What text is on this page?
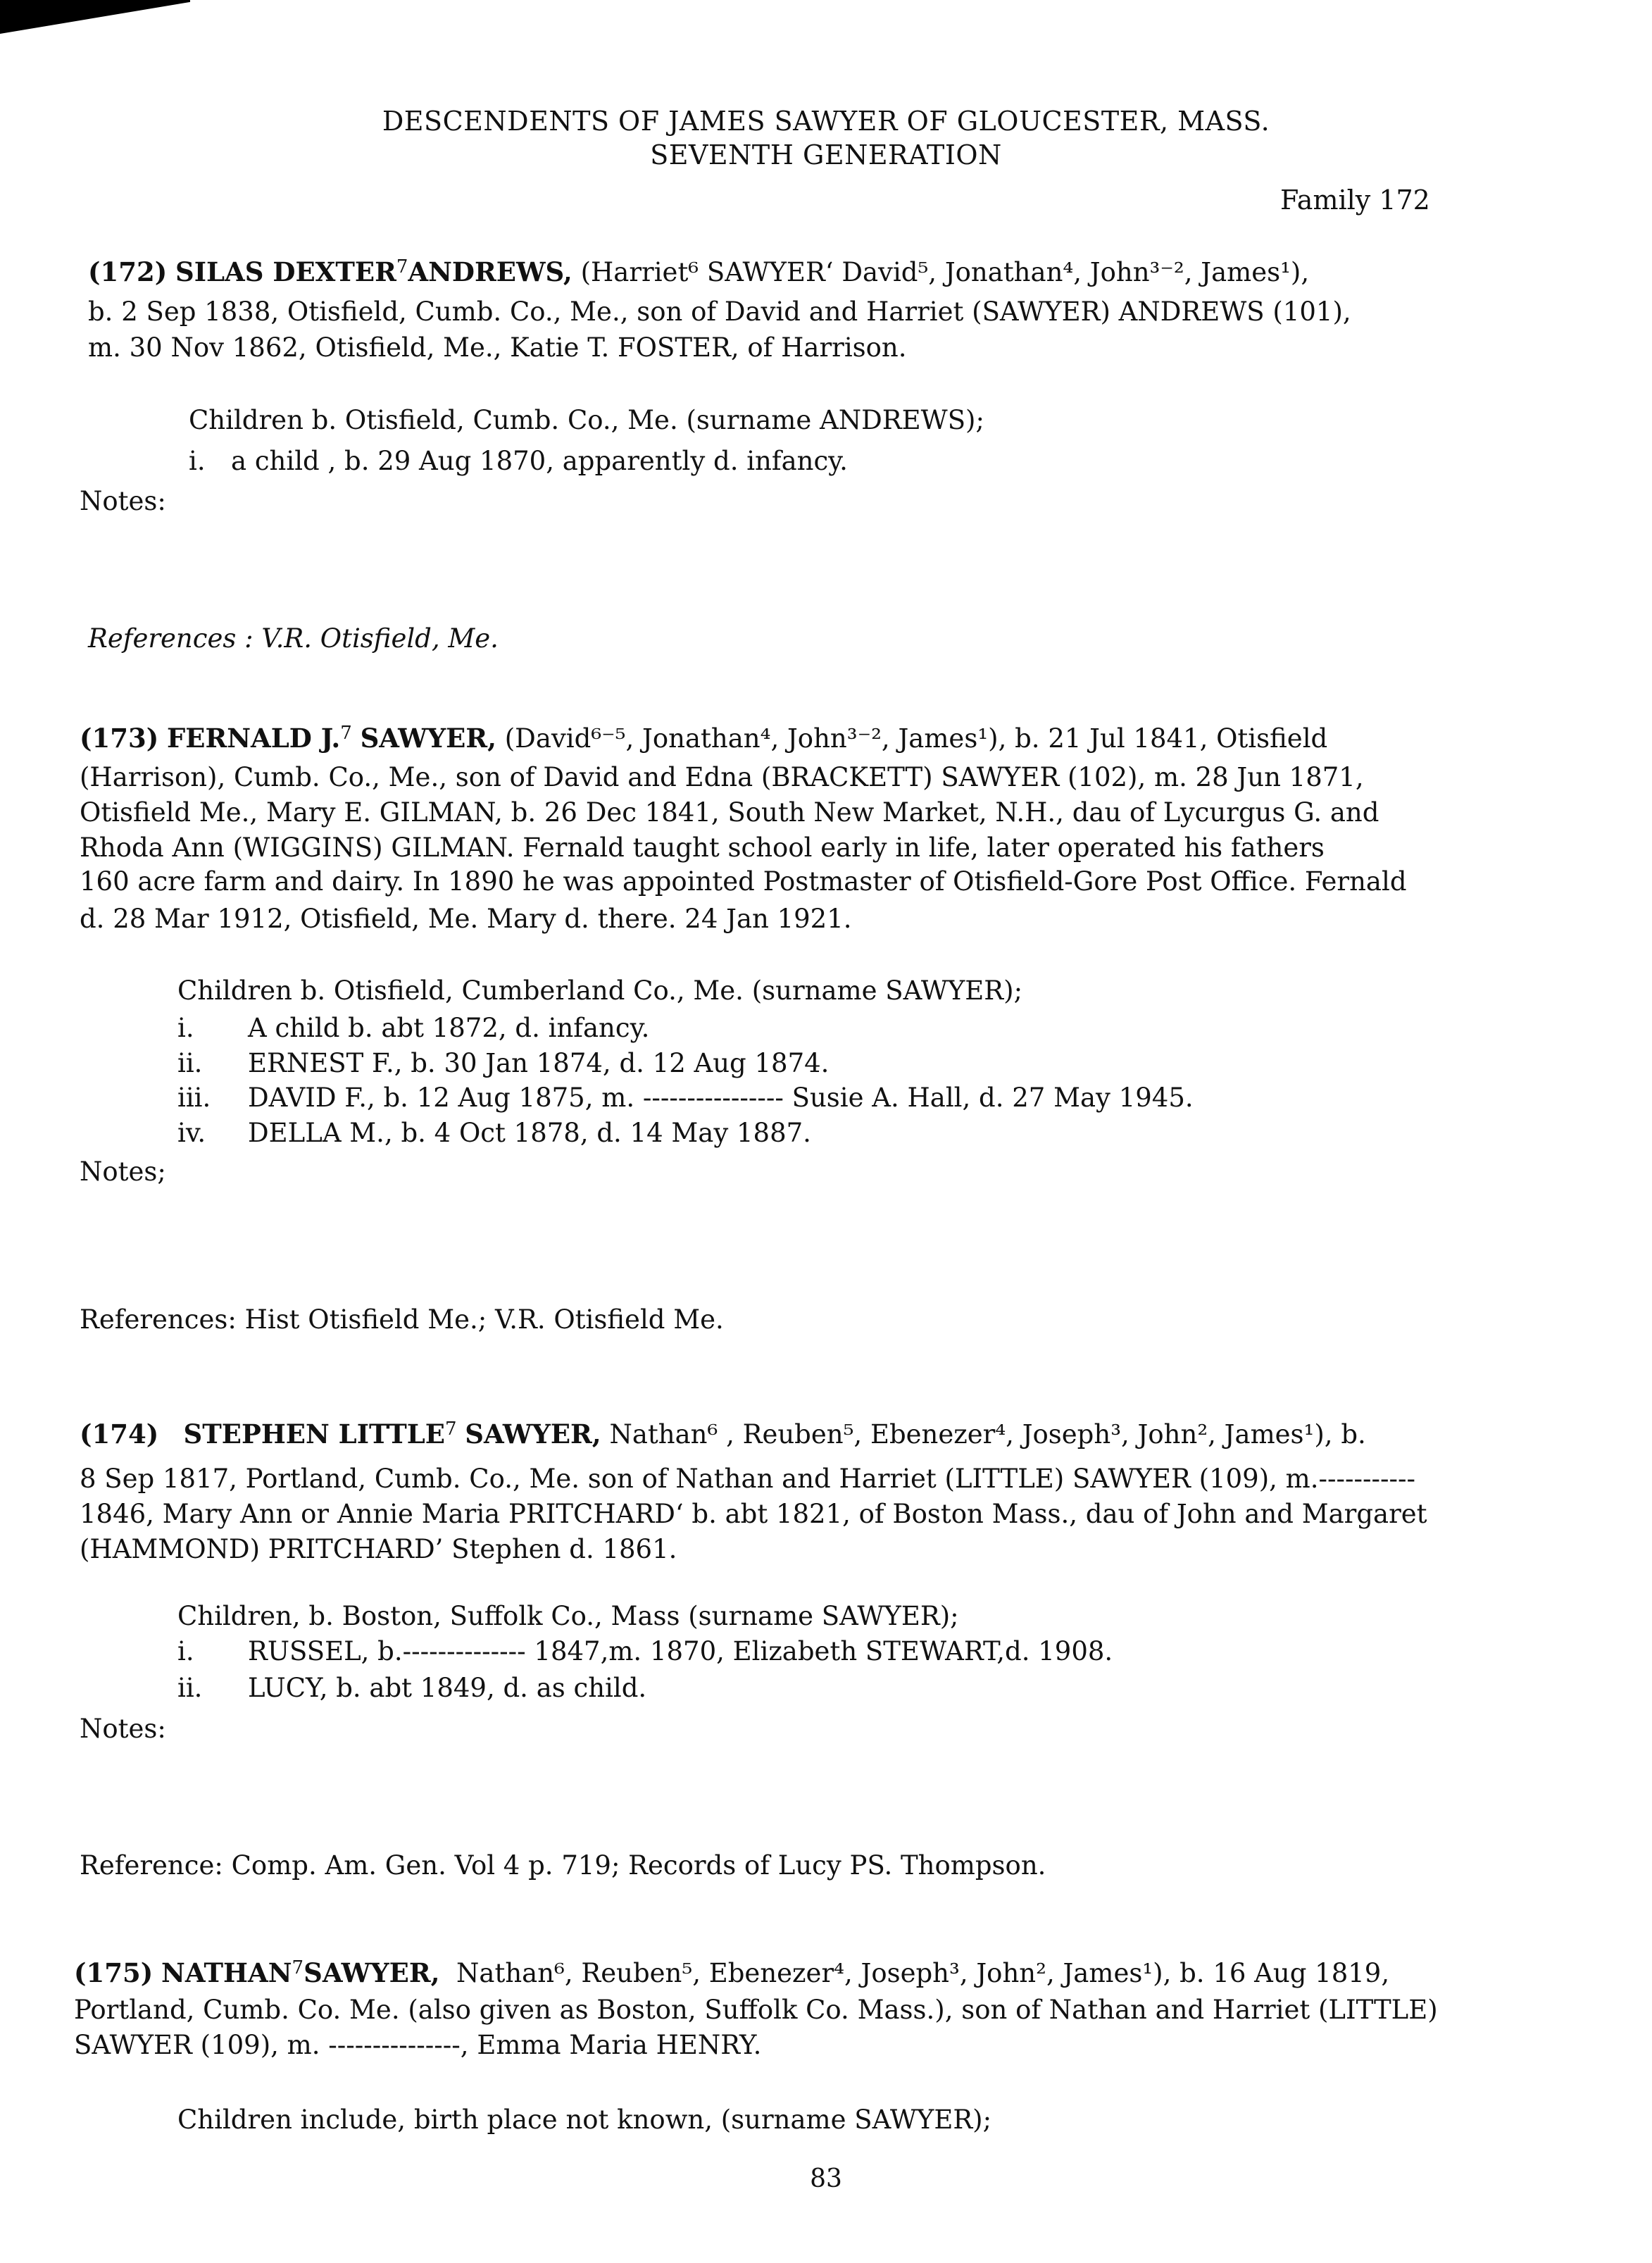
DESCENDENTS OF JAMES SAWYER OF GLOUCESTER, MASS.
SEVENTH GENERATION
Family 172
(172) SILAS DEXTER$^7$ANDREWS, (Harriet⁶ SAWYER‘ David⁵, Jonathan⁴, John³⁻², James¹),
b. 2 Sep 1838, Otisfield, Cumb. Co., Me., son of David and Harriet (SAWYER) ANDREWS (101),
m. 30 Nov 1862, Otisfield, Me., Katie T. FOSTER, of Harrison.
Children b. Otisfield, Cumb. Co., Me. (surname ANDREWS);
i. a child , b. 29 Aug 1870, apparently d. infancy.
Notes:
References : V.R. Otisfield, Me.
(173) FERNALD J.$^7$ SAWYER, (David⁶⁻⁵, Jonathan⁴, John³⁻², James¹), b. 21 Jul 1841, Otisfield
(Harrison), Cumb. Co., Me., son of David and Edna (BRACKETT) SAWYER (102), m. 28 Jun 1871,
Otisfield Me., Mary E. GILMAN, b. 26 Dec 1841, South New Market, N.H., dau of Lycurgus G. and
Rhoda Ann (WIGGINS) GILMAN. Fernald taught school early in life, later operated his fathers
160 acre farm and dairy. In 1890 he was appointed Postmaster of Otisfield-Gore Post Office. Fernald
d. 28 Mar 1912, Otisfield, Me. Mary d. there. 24 Jan 1921.
Children b. Otisfield, Cumberland Co., Me. (surname SAWYER);
i. A child b. abt 1872, d. infancy.
ii. ERNEST F., b. 30 Jan 1874, d. 12 Aug 1874.
iii. DAVID F., b. 12 Aug 1875, m. ---------------- Susie A. Hall, d. 27 May 1945.
iv. DELLA M., b. 4 Oct 1878, d. 14 May 1887.
Notes;
References: Hist Otisfield Me.; V.R. Otisfield Me.
(174) STEPHEN LITTLE$^7$ SAWYER, Nathan⁶ , Reuben⁵, Ebenezer⁴, Joseph³, John², James¹), b.
8 Sep 1817, Portland, Cumb. Co., Me. son of Nathan and Harriet (LITTLE) SAWYER (109), m.-----------
1846, Mary Ann or Annie Maria PRITCHARD‘ b. abt 1821, of Boston Mass., dau of John and Margaret
(HAMMOND) PRITCHARD’ Stephen d. 1861.
Children, b. Boston, Suffolk Co., Mass (surname SAWYER);
i. RUSSEL, b.-------------- 1847,m. 1870, Elizabeth STEWART,d. 1908.
ii. LUCY, b. abt 1849, d. as child.
Notes:
Reference: Comp. Am. Gen. Vol 4 p. 719; Records of Lucy PS. Thompson.
(175) NATHAN$^7$SAWYER, Nathan⁶, Reuben⁵, Ebenezer⁴, Joseph³, John², James¹), b. 16 Aug 1819,
Portland, Cumb. Co. Me. (also given as Boston, Suffolk Co. Mass.), son of Nathan and Harriet (LITTLE)
SAWYER (109), m. ---------------, Emma Maria HENRY.
Children include, birth place not known, (surname SAWYER);
83
